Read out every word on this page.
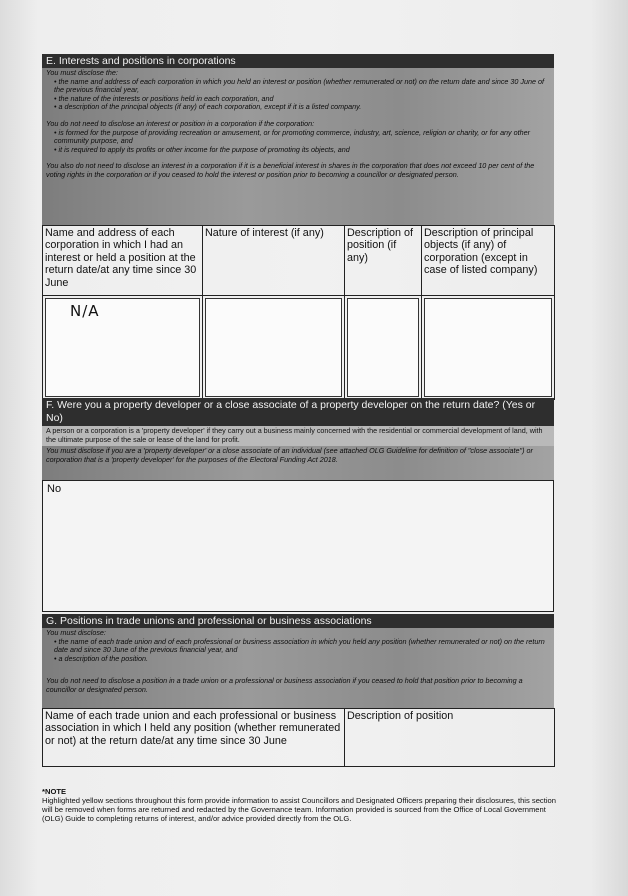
E. Interests and positions in corporations

You must disclose the:

• the name and address of each corporation in which you held an interest or position (whether remunerated or not) on the return date and since 30 June of the previous financial year,
• the nature of the interests or positions held in each corporation, and
• a description of the principal objects (if any) of each corporation, except if it is a listed company.

You do not need to disclose an interest or position in a corporation if the corporation:

• is formed for the purpose of providing recreation or amusement, or for promoting commerce, industry, art, science, religion or charity, or for any other community purpose, and
• it is required to apply its profits or other income for the purpose of promoting its objects, and

You also do not need to disclose an interest in a corporation if it is a beneficial interest in shares in the corporation that does not exceed 10 per cent of the voting rights in the corporation or if you ceased to hold the interest or position prior to becoming a councillor or designated person.

Name and address of each corporation in which I had an interest or held a position at the return date/at any time since 30 June	Nature of interest (if any)	Description of position (if any)	Description of principal objects (if any) of corporation (except in case of listed company)

N/A			

F. Were you a property developer or a close associate of a property developer on the return date? (Yes or No)
A person or a corporation is a 'property developer' if they carry out a business mainly concerned with the residential or commercial development of land, with the ultimate purpose of the sale or lease of the land for profit.
You must disclose if you are a 'property developer' or a close associate of an individual (see attached OLG Guideline for definition of "close associate") or corporation that is a 'property developer' for the purposes of the Electoral Funding Act 2018.
No
G. Positions in trade unions and professional or business associations

You must disclose:

• the name of each trade union and of each professional or business association in which you held any position (whether remunerated or not) on the return date and since 30 June of the previous financial year, and
• a description of the position.

You do not need to disclose a position in a trade union or a professional or business association if you ceased to hold that position prior to becoming a councillor or designated person.

Name of each trade union and each professional or business association in which I held any position (whether remunerated or not) at the return date/at any time since 30 June	Description of position
*NOTE
Highlighted yellow sections throughout this form provide information to assist Councillors and Designated Officers preparing their disclosures, this section will be removed when forms are returned and redacted by the Governance team. Information provided is sourced from the Office of Local Government (OLG) Guide to completing returns of interest, and/or advice provided directly from the OLG.
